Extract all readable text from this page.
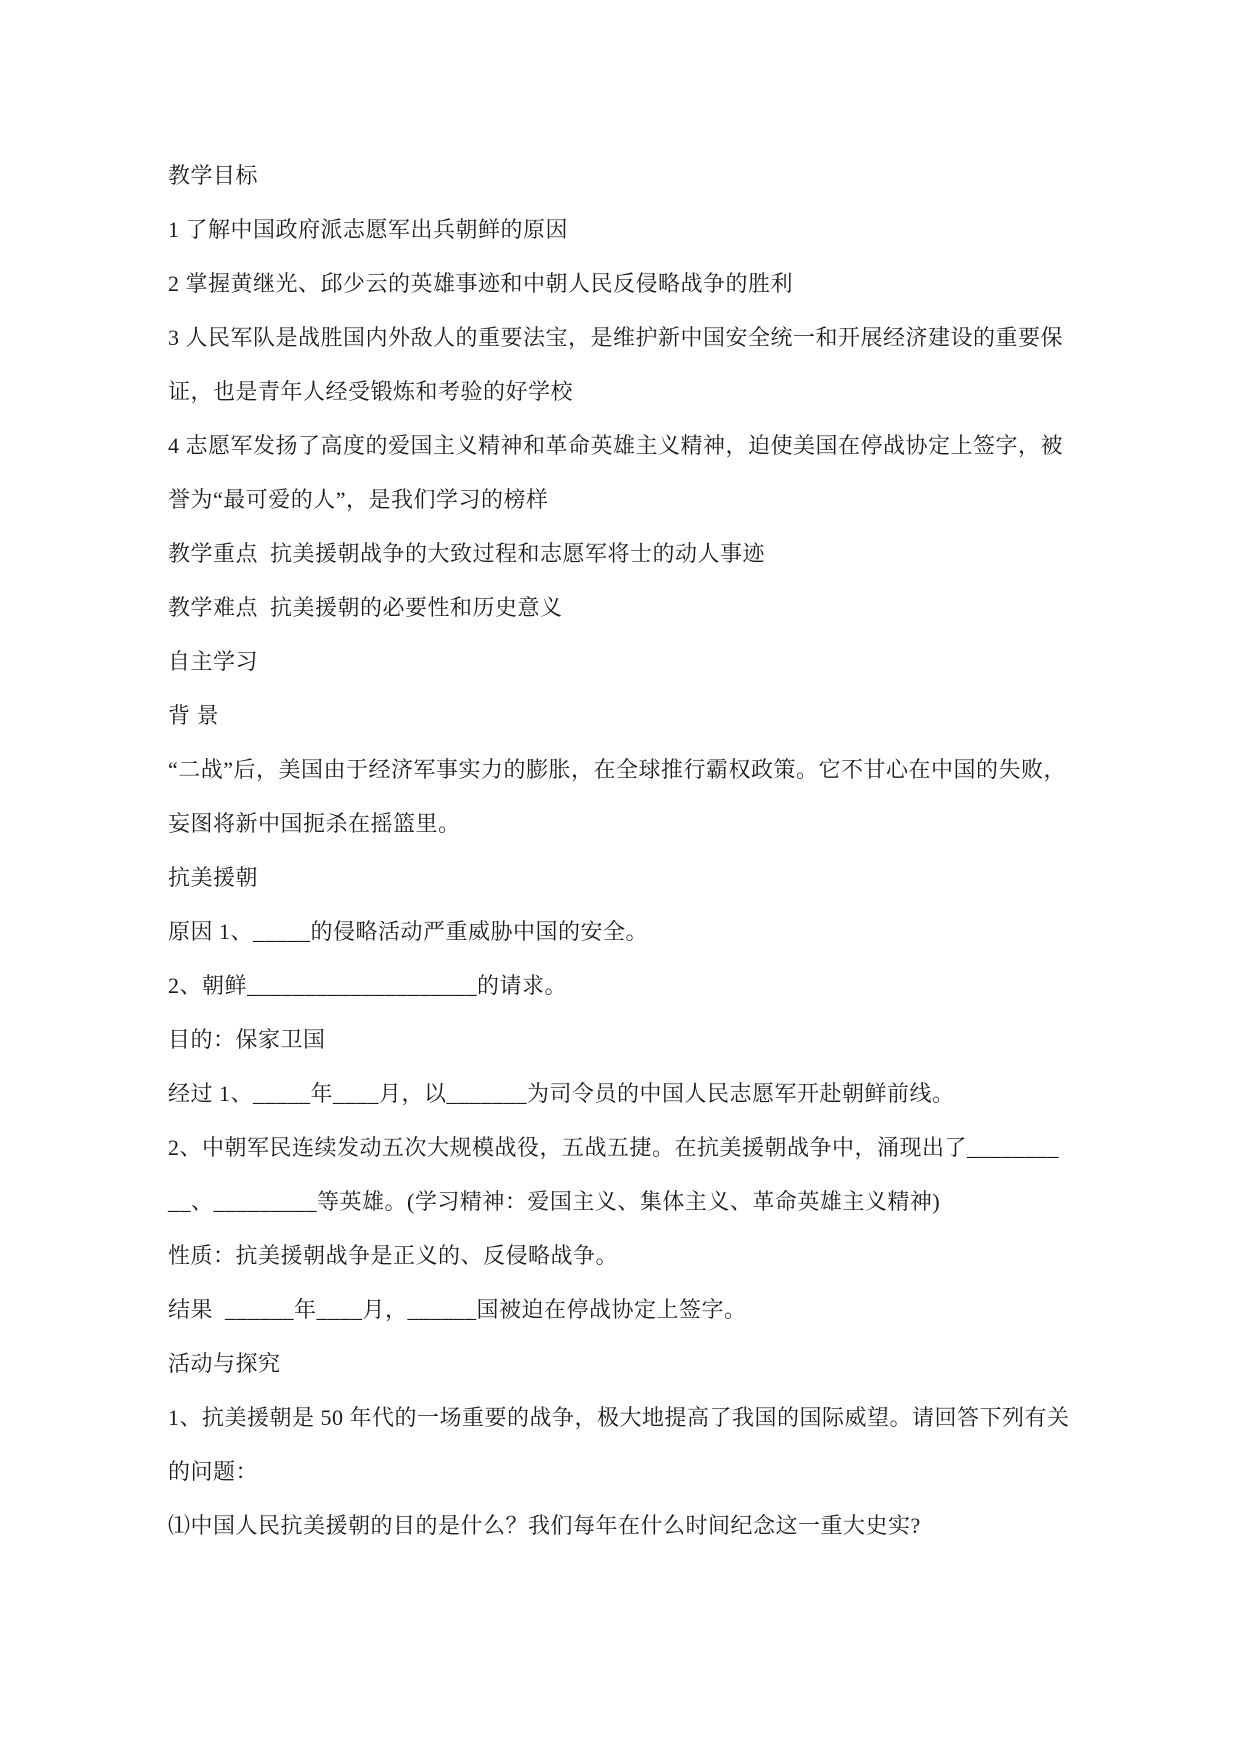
教学目标
1 了解中国政府派志愿军出兵朝鲜的原因
2 掌握黄继光、邱少云的英雄事迹和中朝人民反侵略战争的胜利
3 人民军队是战胜国内外敌人的重要法宝，是维护新中国安全统一和开展经济建设的重要保
证，也是青年人经受锻炼和考验的好学校
4 志愿军发扬了高度的爱国主义精神和革命英雄主义精神，迫使美国在停战协定上签字，被
誉为“最可爱的人”，是我们学习的榜样
教学重点  抗美援朝战争的大致过程和志愿军将士的动人事迹
教学难点  抗美援朝的必要性和历史意义
自主学习
背 景
“二战”后，美国由于经济军事实力的膨胀，在全球推行霸权政策。它不甘心在中国的失败，
妄图将新中国扼杀在摇篮里。
抗美援朝
原因 1、_____的侵略活动严重威胁中国的安全。
2、朝鲜____________________的请求。
目的：保家卫国
经过 1、_____年____月，以_______为司令员的中国人民志愿军开赴朝鲜前线。
2、中朝军民连续发动五次大规模战役，五战五捷。在抗美援朝战争中，涌现出了________
__、_________等英雄。(学习精神：爱国主义、集体主义、革命英雄主义精神)
性质：抗美援朝战争是正义的、反侵略战争。
结果  ______年____月，______国被迫在停战协定上签字。
活动与探究
1、抗美援朝是 50 年代的一场重要的战争，极大地提高了我国的国际威望。请回答下列有关
的问题：
⑴中国人民抗美援朝的目的是什么？我们每年在什么时间纪念这一重大史实?
